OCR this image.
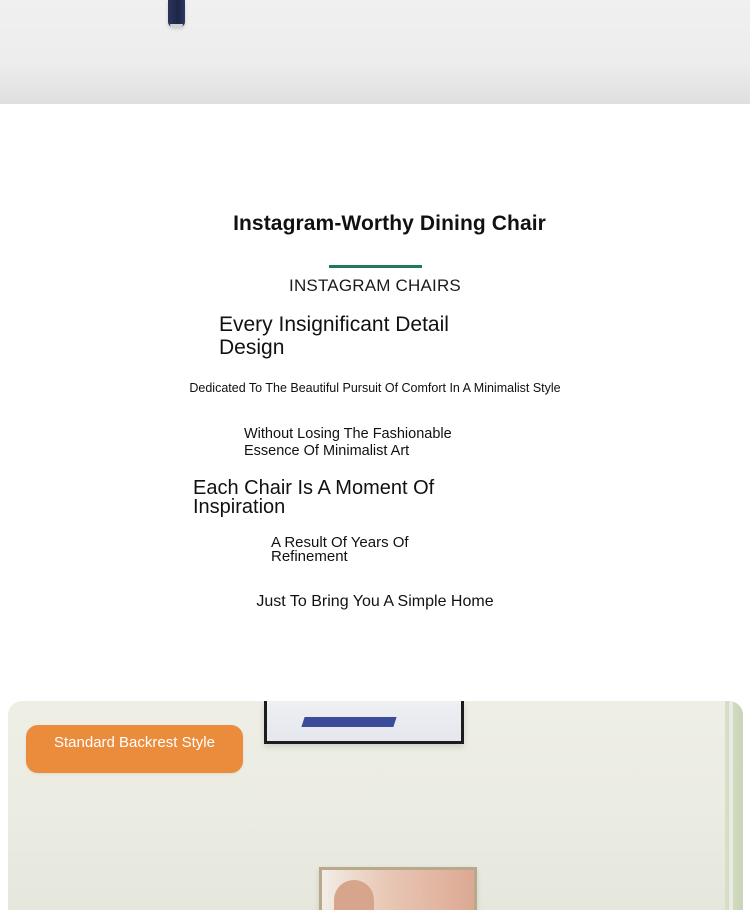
Instagram-Worthy Dining Chair
INSTAGRAM CHAIRS
Every Insignificant Detail Design
Dedicated To The Beautiful Pursuit Of Comfort In A Minimalist Style
Without Losing The Fashionable Essence Of Minimalist Art
Each Chair Is A Moment Of Inspiration
A Result Of Years Of Refinement
Just To Bring You A Simple Home
Standard Backrest Style
